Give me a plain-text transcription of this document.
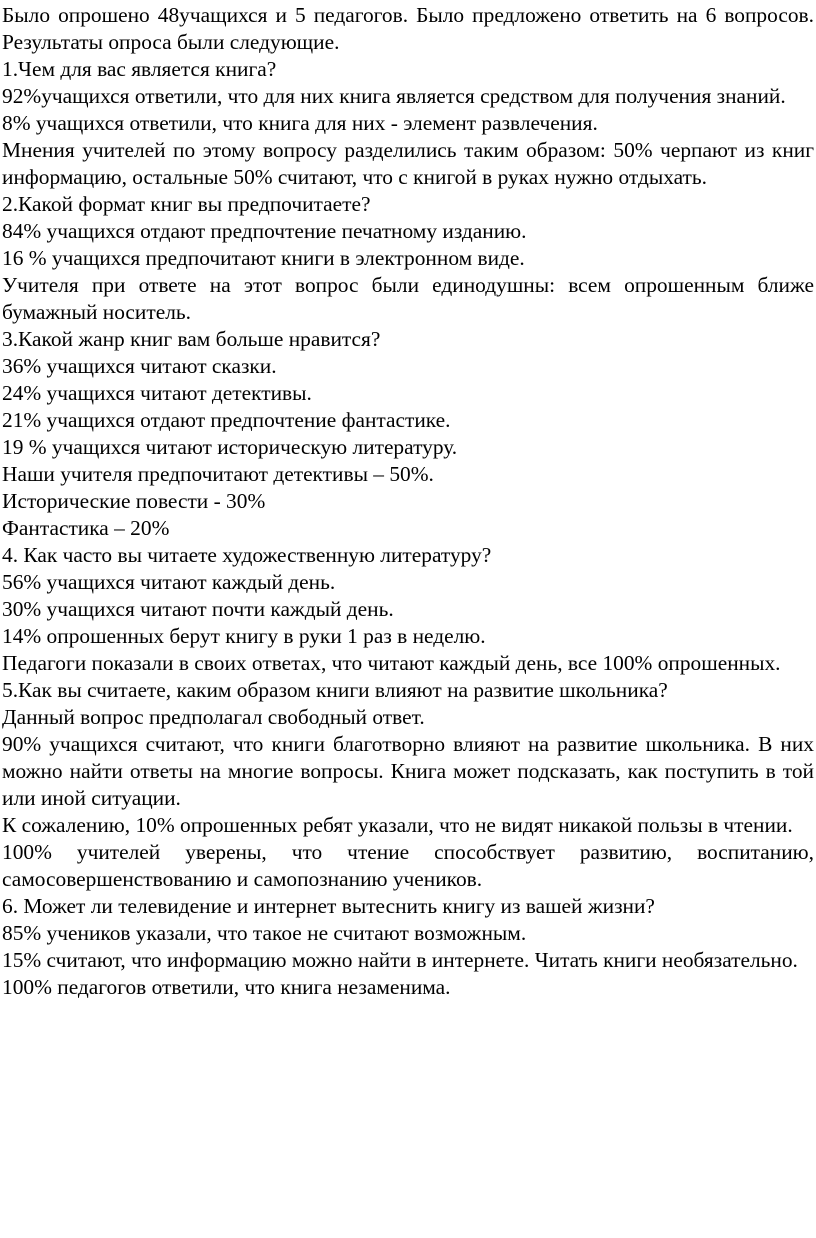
Было опрошено 48учащихся и 5 педагогов. Было предложено ответить на 6 вопросов. Результаты опроса были следующие.

1.Чем для вас является книга?

92%учащихся ответили, что для них книга является средством для получения знаний.

8% учащихся ответили, что книга для них - элемент развлечения.

Мнения учителей по этому вопросу разделились таким образом: 50% черпают из книг информацию, остальные 50% считают, что с книгой в руках нужно отдыхать.

2.Какой формат книг вы предпочитаете?

84% учащихся отдают предпочтение печатному изданию.

16 % учащихся предпочитают книги в электронном виде.

Учителя при ответе на этот вопрос были единодушны: всем опрошенным ближе бумажный носитель.

3.Какой жанр книг вам больше нравится?

36% учащихся читают сказки.

24% учащихся читают детективы.

21% учащихся отдают предпочтение фантастике.

19 % учащихся читают историческую литературу.

Наши учителя предпочитают детективы – 50%.

Исторические повести - 30%

Фантастика – 20%

4. Как часто вы читаете художественную литературу?

56% учащихся читают каждый день.

30% учащихся читают почти каждый день.

14% опрошенных берут книгу в руки 1 раз в неделю.

Педагоги показали в своих ответах, что читают каждый день, все 100% опрошенных.

5.Как вы считаете, каким образом книги влияют на развитие школьника?

Данный вопрос предполагал свободный ответ.

90% учащихся считают, что книги благотворно влияют на развитие школьника. В них можно найти ответы на многие вопросы. Книга может подсказать, как поступить в той или иной ситуации.

К сожалению, 10% опрошенных ребят указали, что не видят никакой пользы в чтении.

100% учителей уверены, что чтение способствует развитию, воспитанию, самосовершенствованию и самопознанию учеников.

6. Может ли телевидение и интернет вытеснить книгу из вашей жизни?

85% учеников указали, что такое не считают возможным.

15% считают, что информацию можно найти в интернете. Читать книги необязательно.

100% педагогов ответили, что книга незаменима.
